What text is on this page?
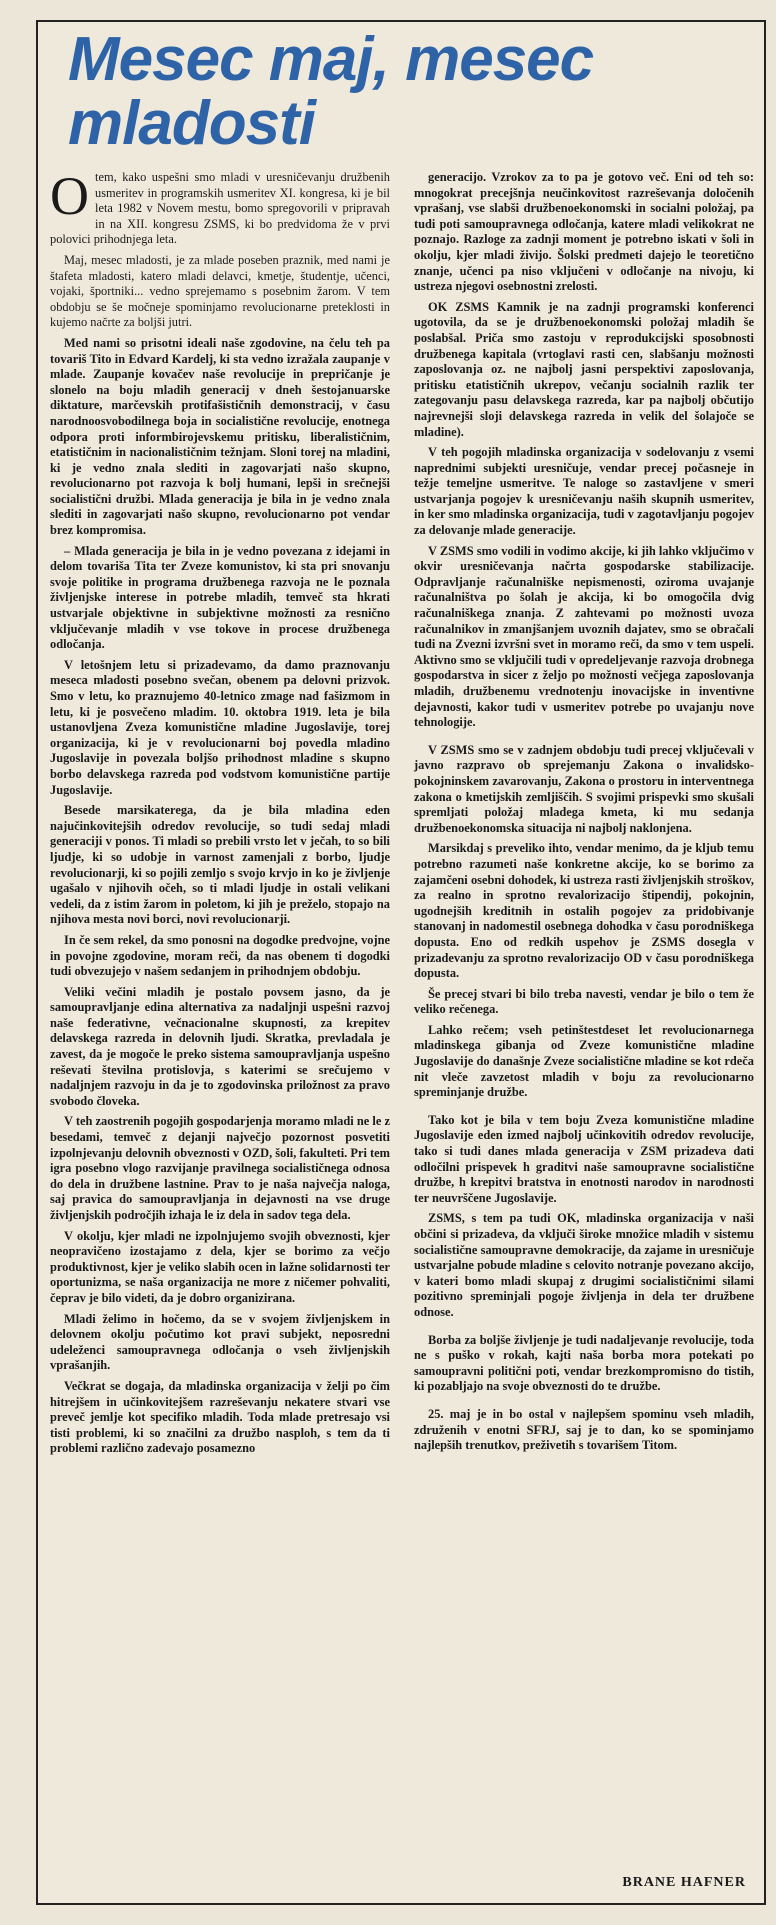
Mesec maj, mesec mladosti

Otem, kako uspešni smo mladi v uresničevanju družbenih usmeritev in programskih usmeritev XI. kongresa, ki je bil leta 1982 v Novem mestu, bomo spregovorili v pripravah in na XII. kongresu ZSMS, ki bo predvidoma že v prvi polovici prihodnjega leta.

Maj, mesec mladosti, je za mlade poseben praznik, med nami je štafeta mladosti, katero mladi delavci, kmetje, študentje, učenci, vojaki, športniki... vedno sprejemamo s posebnim žarom. V tem obdobju se še močneje spominjamo revolucionarne preteklosti in kujemo načrte za boljši jutri.

Med nami so prisotni ideali naše zgodovine, na čelu teh pa tovariš Tito in Edvard Kardelj, ki sta vedno izražala zaupanje v mlade. Zaupanje kovačev naše revolucije in prepričanje je slonelo na boju mladih generacij v dneh šestojanuarske diktature, marčevskih protifašističnih demonstracij, v času narodnoosvobodilnega boja in socialistične revolucije, enotnega odpora proti informbirojevskemu pritisku, liberalističnim, etatističnim in nacionalističnim težnjam. Sloni torej na mladini, ki je vedno znala slediti in zagovarjati našo skupno, revolucionarno pot razvoja k bolj humani, lepši in srečnejši socialistični družbi. Mlada generacija je bila in je vedno znala slediti in zagovarjati našo skupno, revolucionarno pot vendar brez kompromisa.

– Mlada generacija je bila in je vedno povezana z idejami in delom tovariša Tita ter Zveze komunistov, ki sta pri snovanju svoje politike in programa družbenega razvoja ne le poznala življenjske interese in potrebe mladih, temveč sta hkrati ustvarjale objektivne in subjektivne možnosti za resnično vključevanje mladih v vse tokove in procese družbenega odločanja.

V letošnjem letu si prizadevamo, da damo praznovanju meseca mladosti posebno svečan, obenem pa delovni prizvok. Smo v letu, ko praznujemo 40-letnico zmage nad fašizmom in letu, ki je posvečeno mladim. 10. oktobra 1919. leta je bila ustanovljena Zveza komunistične mladine Jugoslavije, torej organizacija, ki je v revolucionarni boj povedla mladino Jugoslavije in povezala boljšo prihodnost mladine s skupno borbo delavskega razreda pod vodstvom komunistične partije Jugoslavije.

Besede marsikaterega, da je bila mladina eden najučinkovitejših odredov revolucije, so tudi sedaj mladi generaciji v ponos. Ti mladi so prebili vrsto let v ječah, to so bili ljudje, ki so udobje in varnost zamenjali z borbo, ljudje revolucionarji, ki so pojili zemljo s svojo krvjo in ko je življenje ugašalo v njihovih očeh, so ti mladi ljudje in ostali velikani vedeli, da z istim žarom in poletom, ki jih je preželo, stopajo na njihova mesta novi borci, novi revolucionarji.

In če sem rekel, da smo ponosni na dogodke predvojne, vojne in povojne zgodovine, moram reči, da nas obenem ti dogodki tudi obvezujejo v našem sedanjem in prihodnjem obdobju.

Veliki večini mladih je postalo povsem jasno, da je samoupravljanje edina alternativa za nadaljnji uspešni razvoj naše federativne, večnacionalne skupnosti, za krepitev delavskega razreda in delovnih ljudi. Skratka, prevladala je zavest, da je mogoče le preko sistema samoupravljanja uspešno reševati številna protislovja, s katerimi se srečujemo v nadaljnjem razvoju in da je to zgodovinska priložnost za pravo svobodo človeka.

V teh zaostrenih pogojih gospodarjenja moramo mladi ne le z besedami, temveč z dejanji največjo pozornost posvetiti izpolnjevanju delovnih obveznosti v OZD, šoli, fakulteti. Pri tem igra posebno vlogo razvijanje pravilnega socialističnega odnosa do dela in družbene lastnine. Prav to je naša največja naloga, saj pravica do samoupravljanja in dejavnosti na vse druge življenjskih področjih izhaja le iz dela in sadov tega dela.

V okolju, kjer mladi ne izpolnjujemo svojih obveznosti, kjer neopravičeno izostajamo z dela, kjer se borimo za večjo produktivnost, kjer je veliko slabih ocen in lažne solidarnosti ter oportunizma, se naša organizacija ne more z ničemer pohvaliti, čeprav je bilo videti, da je dobro organizirana.

Mladi želimo in hočemo, da se v svojem življenjskem in delovnem okolju počutimo kot pravi subjekt, neposredni udeleženci samoupravnega odločanja o vseh življenjskih vprašanjih.

Večkrat se dogaja, da mladinska organizacija v želji po čim hitrejšem in učinkovitejšem razreševanju nekatere stvari vse preveč jemlje kot specifiko mladih. Toda mlade pretresajo vsi tisti problemi, ki so značilni za družbo nasploh, s tem da ti problemi različno zadevajo posamezno

generacijo. Vzrokov za to pa je gotovo več. Eni od teh so: mnogokrat precejšnja neučinkovitost razreševanja določenih vprašanj, vse slabši družbenoekonomski in socialni položaj, pa tudi poti samoupravnega odločanja, katere mladi velikokrat ne poznajo. Razloge za zadnji moment je potrebno iskati v šoli in okolju, kjer mladi živijo. Šolski predmeti dajejo le teoretično znanje, učenci pa niso vključeni v odločanje na nivoju, ki ustreza njegovi osebnostni zrelosti.

OK ZSMS Kamnik je na zadnji programski konferenci ugotovila, da se je družbenoekonomski položaj mladih še poslabšal. Priča smo zastoju v reprodukcijski sposobnosti družbenega kapitala (vrtoglavi rasti cen, slabšanju možnosti zaposlovanja oz. ne najbolj jasni perspektivi zaposlovanja, pritisku etatističnih ukrepov, večanju socialnih razlik ter zategovanju pasu delavskega razreda, kar pa najbolj občutijo najrevnejši sloji delavskega razreda in velik del šolajoče se mladine).

V teh pogojih mladinska organizacija v sodelovanju z vsemi naprednimi subjekti uresničuje, vendar precej počasneje in težje temeljne usmeritve. Te naloge so zastavljene v smeri ustvarjanja pogojev k uresničevanju naših skupnih usmeritev, in ker smo mladinska organizacija, tudi v zagotavljanju pogojev za delovanje mlade generacije.

V ZSMS smo vodili in vodimo akcije, ki jih lahko vključimo v okvir uresničevanja načrta gospodarske stabilizacije. Odpravljanje računalniške nepismenosti, oziroma uvajanje računalništva po šolah je akcija, ki bo omogočila dvig računalniškega znanja. Z zahtevami po možnosti uvoza računalnikov in zmanjšanjem uvoznih dajatev, smo se obračali tudi na Zvezni izvršni svet in moramo reči, da smo v tem uspeli. Aktivno smo se vključili tudi v opredeljevanje razvoja drobnega gospodarstva in sicer z željo po možnosti večjega zaposlovanja mladih, družbenemu vrednotenju inovacijske in inventivne dejavnosti, kakor tudi v usmeritev potrebe po uvajanju nove tehnologije.

V ZSMS smo se v zadnjem obdobju tudi precej vključevali v javno razpravo ob sprejemanju Zakona o invalidsko-pokojninskem zavarovanju, Zakona o prostoru in interventnega zakona o kmetijskih zemljiščih. S svojimi prispevki smo skušali spremljati položaj mladega kmeta, ki mu sedanja družbenoekonomska situacija ni najbolj naklonjena.

Marsikdaj s preveliko ihto, vendar menimo, da je kljub temu potrebno razumeti naše konkretne akcije, ko se borimo za zajamčeni osebni dohodek, ki ustreza rasti življenjskih stroškov, za realno in sprotno revalorizacijo štipendij, pokojnin, ugodnejših kreditnih in ostalih pogojev za pridobivanje stanovanj in nadomestil osebnega dohodka v času porodniškega dopusta. Eno od redkih uspehov je ZSMS dosegla v prizadevanju za sprotno revalorizacijo OD v času porodniškega dopusta.

Še precej stvari bi bilo treba navesti, vendar je bilo o tem že veliko rečenega.

Lahko rečem; vseh petinštestdeset let revolucionarnega mladinskega gibanja od Zveze komunistične mladine Jugoslavije do današnje Zveze socialistične mladine se kot rdeča nit vleče zavzetost mladih v boju za revolucionarno spreminjanje družbe.

Tako kot je bila v tem boju Zveza komunistične mladine Jugoslavije eden izmed najbolj učinkovitih odredov revolucije, tako si tudi danes mlada generacija v ZSM prizadeva dati odločilni prispevek h graditvi naše samoupravne socialistične družbe, h krepitvi bratstva in enotnosti narodov in narodnosti ter neuvrščene Jugoslavije.

ZSMS, s tem pa tudi OK, mladinska organizacija v naši občini si prizadeva, da vključi široke množice mladih v sistemu socialistične samoupravne demokracije, da zajame in uresničuje ustvarjalne pobude mladine s celovito notranje povezano akcijo, v kateri bomo mladi skupaj z drugimi socialističnimi silami pozitivno spreminjali pogoje življenja in dela ter družbene odnose.

Borba za boljše življenje je tudi nadaljevanje revolucije, toda ne s puško v rokah, kajti naša borba mora potekati po samoupravni politični poti, vendar brezkompromisno do tistih, ki pozabljajo na svoje obveznosti do te družbe.

25. maj je in bo ostal v najlepšem spominu vseh mladih, združenih v enotni SFRJ, saj je to dan, ko se spominjamo najlepših trenutkov, preživetih s tovarišem Titom.

BRANE HAFNER
